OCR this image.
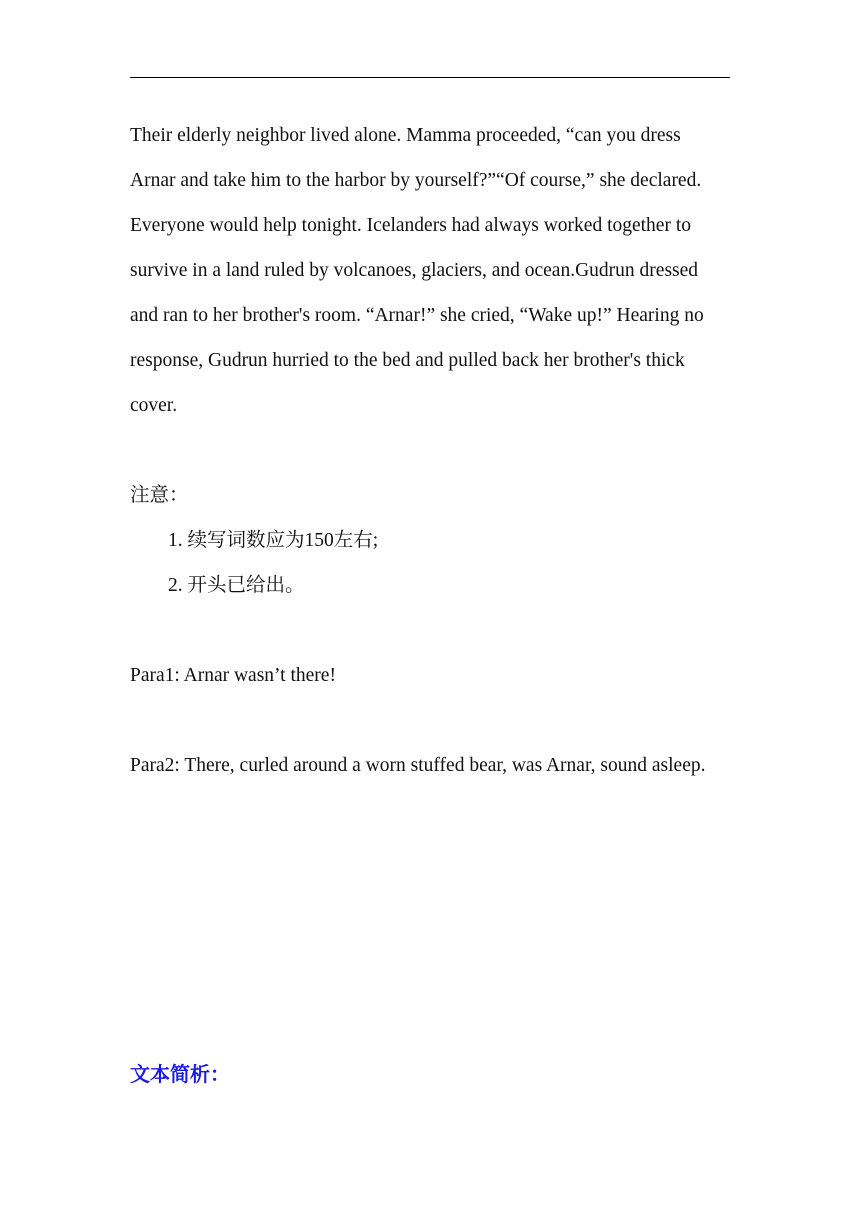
Their elderly neighbor lived alone. Mamma proceeded, “can you dress Arnar and take him to the harbor by yourself?”“Of course,” she declared. Everyone would help tonight. Icelanders had always worked together to survive in a land ruled by volcanoes, glaciers, and ocean.Gudrun dressed and ran to her brother's room. “Arnar!” she cried, “Wake up!” Hearing no response, Gudrun hurried to the bed and pulled back her brother's thick cover.

注意：

1. 续写词数应为150左右;
2. 开头已给出。

Para1: Arnar wasn’t there!

Para2: There, curled around a worn stuffed bear, was Arnar, sound asleep.

文本简析：
